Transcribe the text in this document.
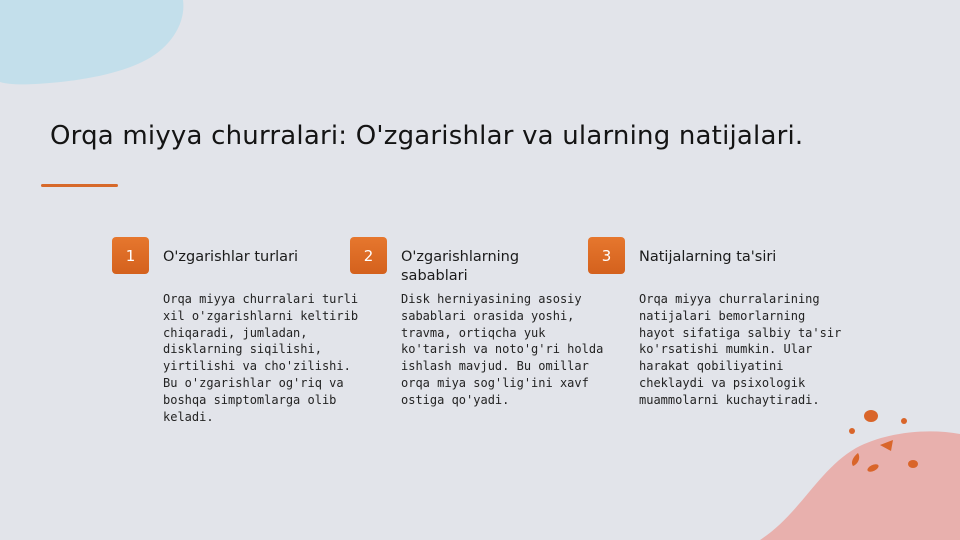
Orqa miyya churralari: O'zgarishlar va ularning natijalari.
1	O'zgarishlar turlari
Orqa miyya churralari turli xil o'zgarishlarni keltirib chiqaradi, jumladan, disklarning siqilishi, yirtilishi va cho'zilishi. Bu o'zgarishlar og'riq va boshqa simptomlarga olib keladi.
2	O'zgarishlarning sabablari
Disk herniyasining asosiy sabablari orasida yoshi, travma, ortiqcha yuk ko'tarish va noto'g'ri holda ishlash mavjud. Bu omillar orqa miya sog'lig'ini xavf ostiga qo'yadi.
3	Natijalarning ta'siri
Orqa miyya churralarining natijalari bemorlarning hayot sifatiga salbiy ta'sir ko'rsatishi mumkin. Ular harakat qobiliyatini cheklaydi va psixologik muammolarni kuchaytiradi.
